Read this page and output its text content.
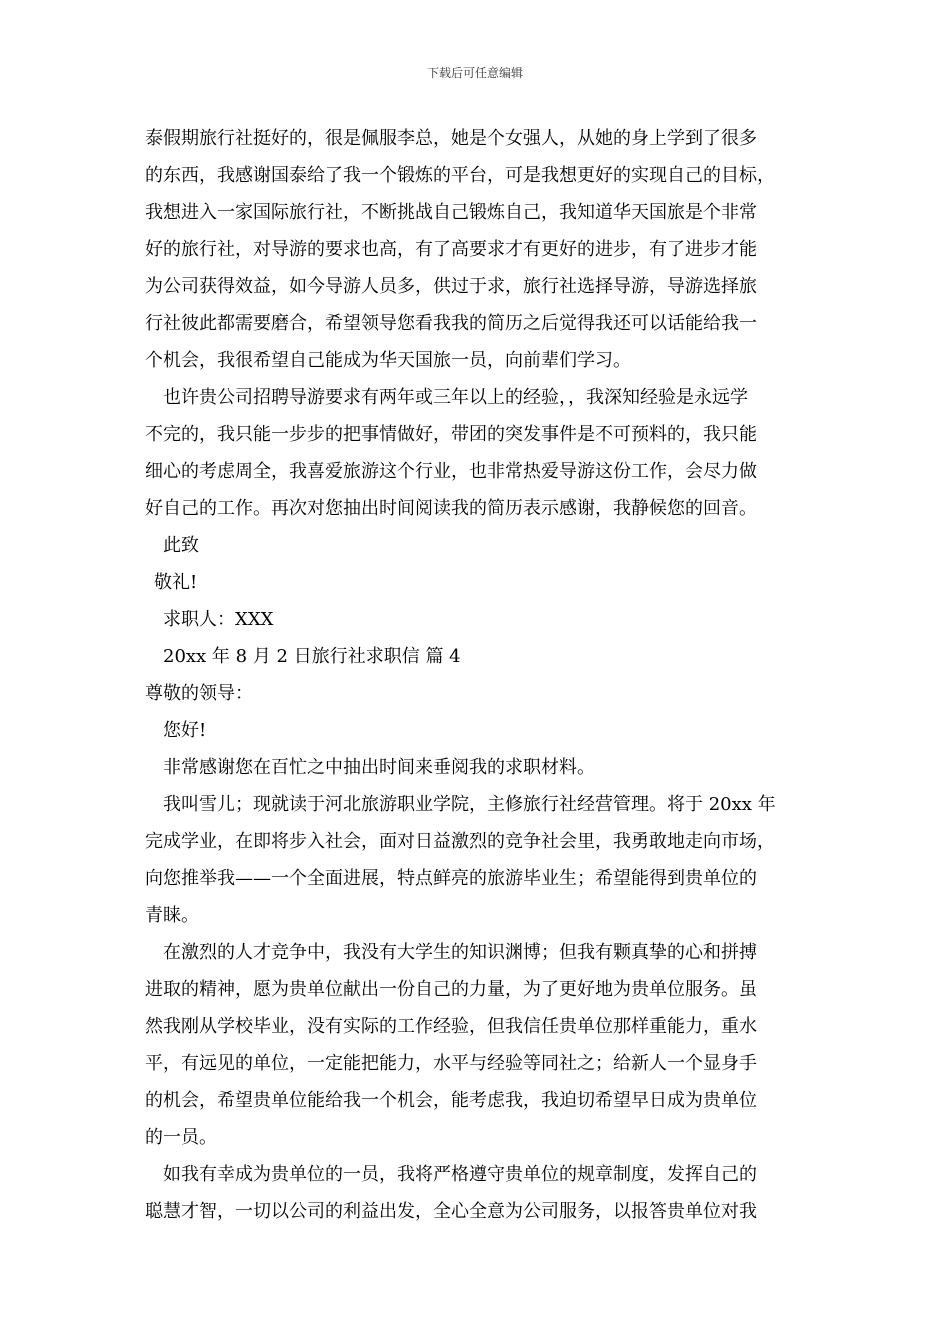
下载后可任意编辑
泰假期旅行社挺好的，很是佩服李总，她是个女强人，从她的身上学到了很多
的东西，我感谢国泰给了我一个锻炼的平台，可是我想更好的实现自己的目标，
我想进入一家国际旅行社，不断挑战自己锻炼自己，我知道华天国旅是个非常
好的旅行社，对导游的要求也高，有了高要求才有更好的进步，有了进步才能
为公司获得效益，如今导游人员多，供过于求，旅行社选择导游，导游选择旅
行社彼此都需要磨合，希望领导您看我我的简历之后觉得我还可以话能给我一
个机会，我很希望自己能成为华天国旅一员，向前辈们学习。
也许贵公司招聘导游要求有两年或三年以上的经验，，我深知经验是永远学
不完的，我只能一步步的把事情做好，带团的突发事件是不可预料的，我只能
细心的考虑周全，我喜爱旅游这个行业，也非常热爱导游这份工作，会尽力做
好自己的工作。再次对您抽出时间阅读我的简历表示感谢，我静候您的回音。
此致
敬礼!
求职人：XXX
20xx 年 8 月 2 日旅行社求职信 篇 4
尊敬的领导：
您好!
非常感谢您在百忙之中抽出时间来垂阅我的求职材料。
我叫雪儿；现就读于河北旅游职业学院，主修旅行社经营管理。将于 20xx 年
完成学业，在即将步入社会，面对日益激烈的竞争社会里，我勇敢地走向市场，
向您推举我——一个全面进展，特点鲜亮的旅游毕业生；希望能得到贵单位的
青睐。
在激烈的人才竞争中，我没有大学生的知识渊博；但我有颗真挚的心和拼搏
进取的精神，愿为贵单位献出一份自己的力量，为了更好地为贵单位服务。虽
然我刚从学校毕业，没有实际的工作经验，但我信任贵单位那样重能力，重水
平，有远见的单位，一定能把能力，水平与经验等同社之；给新人一个显身手
的机会，希望贵单位能给我一个机会，能考虑我，我迫切希望早日成为贵单位
的一员。
如我有幸成为贵单位的一员，我将严格遵守贵单位的规章制度，发挥自己的
聪慧才智，一切以公司的利益出发，全心全意为公司服务，以报答贵单位对我
